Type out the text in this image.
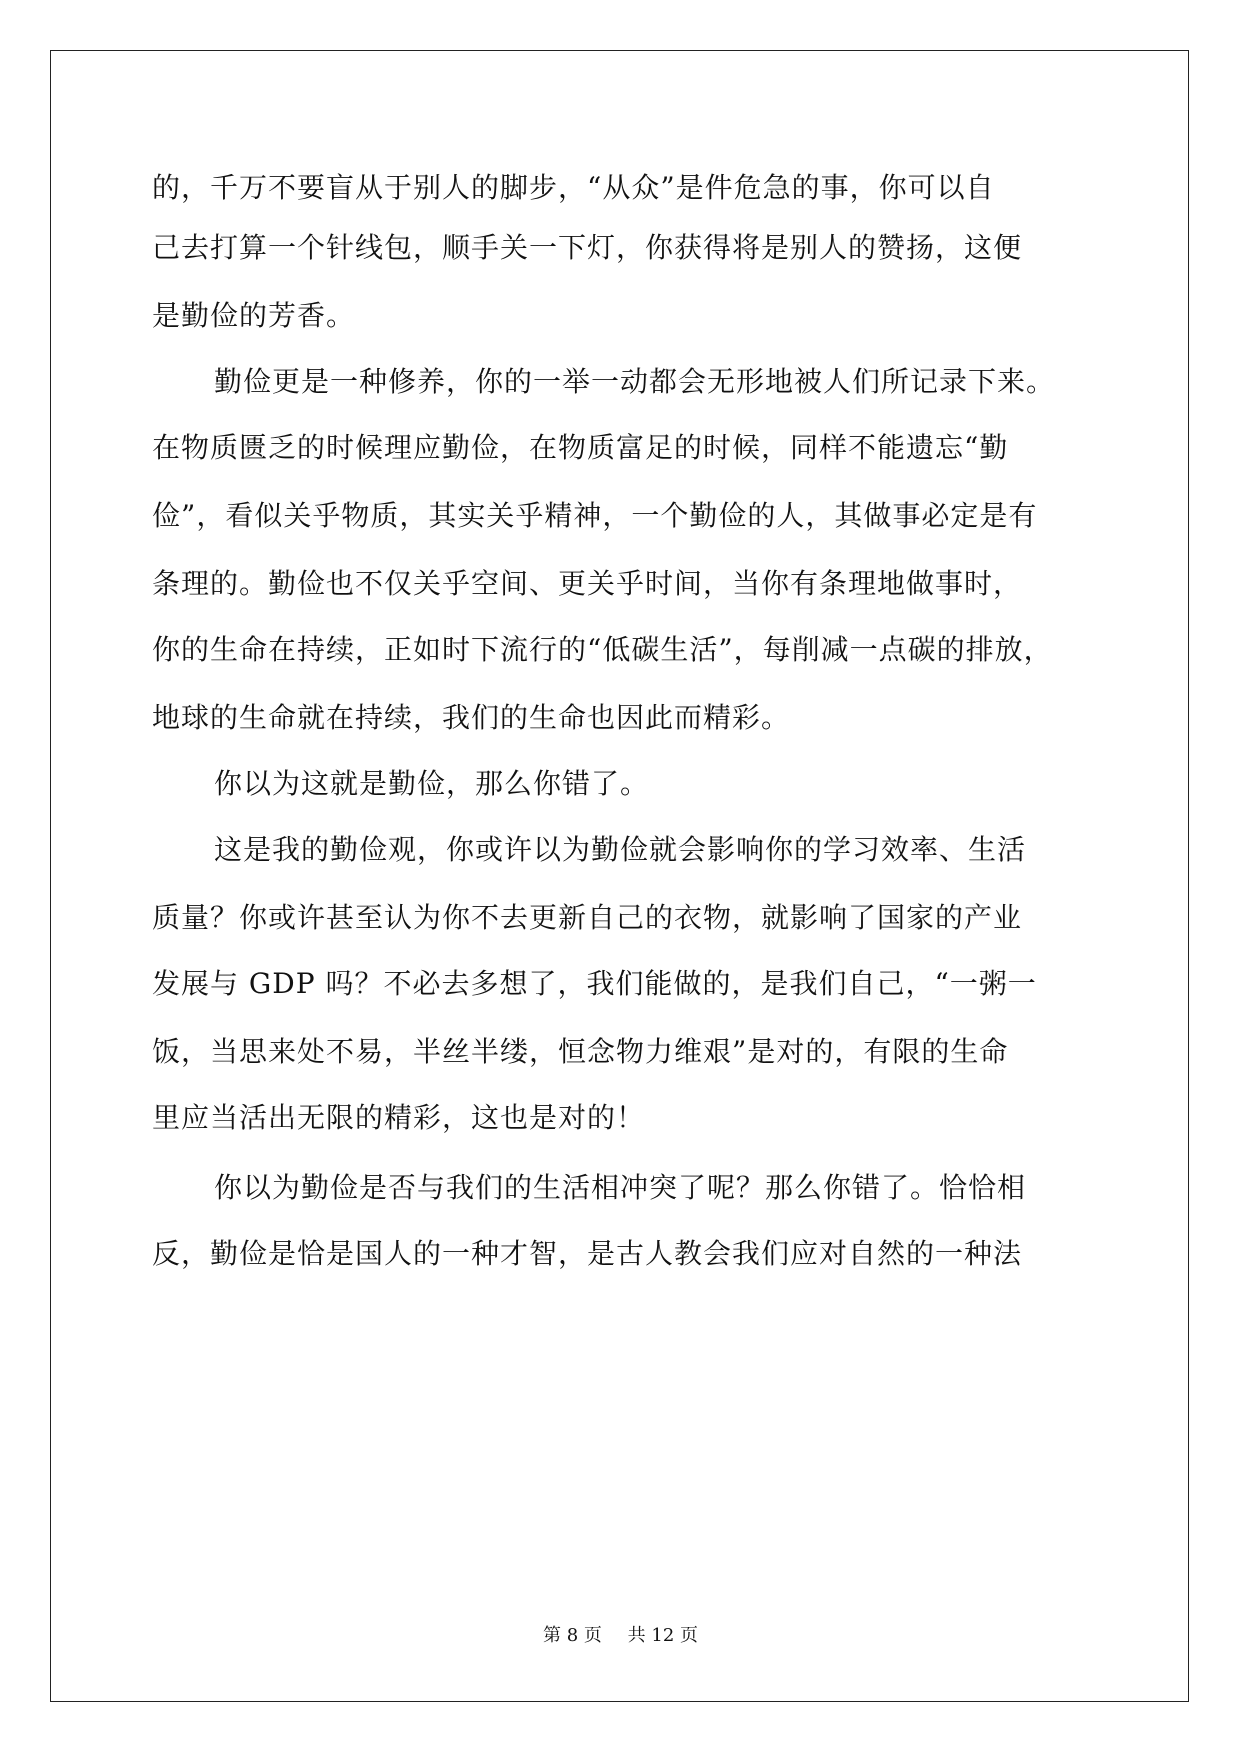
的，千万不要盲从于别人的脚步，“从众”是件危急的事，你可以自
己去打算一个针线包，顺手关一下灯，你获得将是别人的赞扬，这便
是勤俭的芳香。
勤俭更是一种修养，你的一举一动都会无形地被人们所记录下来。
在物质匮乏的时候理应勤俭，在物质富足的时候，同样不能遗忘“勤
俭”，看似关乎物质，其实关乎精神，一个勤俭的人，其做事必定是有
条理的。勤俭也不仅关乎空间、更关乎时间，当你有条理地做事时，
你的生命在持续，正如时下流行的“低碳生活”，每削减一点碳的排放，
地球的生命就在持续，我们的生命也因此而精彩。
你以为这就是勤俭，那么你错了。
这是我的勤俭观，你或许以为勤俭就会影响你的学习效率、生活
质量？你或许甚至认为你不去更新自己的衣物，就影响了国家的产业
发展与 GDP 吗？不必去多想了，我们能做的，是我们自己，“一粥一
饭，当思来处不易，半丝半缕，恒念物力维艰”是对的，有限的生命
里应当活出无限的精彩，这也是对的！
你以为勤俭是否与我们的生活相冲突了呢？那么你错了。恰恰相
反，勤俭是恰是国人的一种才智，是古人教会我们应对自然的一种法
第 8 页 共 12 页
